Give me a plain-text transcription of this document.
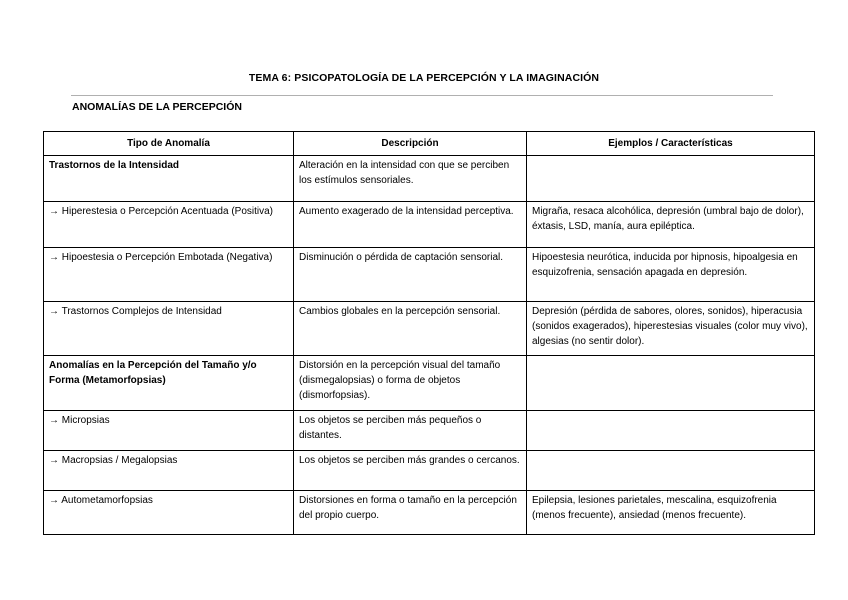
TEMA 6: PSICOPATOLOGÍA DE LA PERCEPCIÓN Y LA IMAGINACIÓN
ANOMALÍAS DE LA PERCEPCIÓN
Tipo de Anomalía	Descripción	Ejemplos / Características
Trastornos de la Intensidad	Alteración en la intensidad con que se perciben los estímulos sensoriales.	
→ Hiperestesia o Percepción Acentuada (Positiva)	Aumento exagerado de la intensidad perceptiva.	Migraña, resaca alcohólica, depresión (umbral bajo de dolor), éxtasis, LSD, manía, aura epiléptica.
→ Hipoestesia o Percepción Embotada (Negativa)	Disminución o pérdida de captación sensorial.	Hipoestesia neurótica, inducida por hipnosis, hipoalgesia en esquizofrenia, sensación apagada en depresión.
→ Trastornos Complejos de Intensidad	Cambios globales en la percepción sensorial.	Depresión (pérdida de sabores, olores, sonidos), hiperacusia (sonidos exagerados), hiperestesias visuales (color muy vivo), algesias (no sentir dolor).
Anomalías en la Percepción del Tamaño y/o Forma (Metamorfopsias)	Distorsión en la percepción visual del tamaño (dismegalopsias) o forma de objetos (dismorfopsias).	
→ Micropsias	Los objetos se perciben más pequeños o distantes.	
→ Macropsias / Megalopsias	Los objetos se perciben más grandes o cercanos.	
→ Autometamorfopsias	Distorsiones en forma o tamaño en la percepción del propio cuerpo.	Epilepsia, lesiones parietales, mescalina, esquizofrenia (menos frecuente), ansiedad (menos frecuente).
